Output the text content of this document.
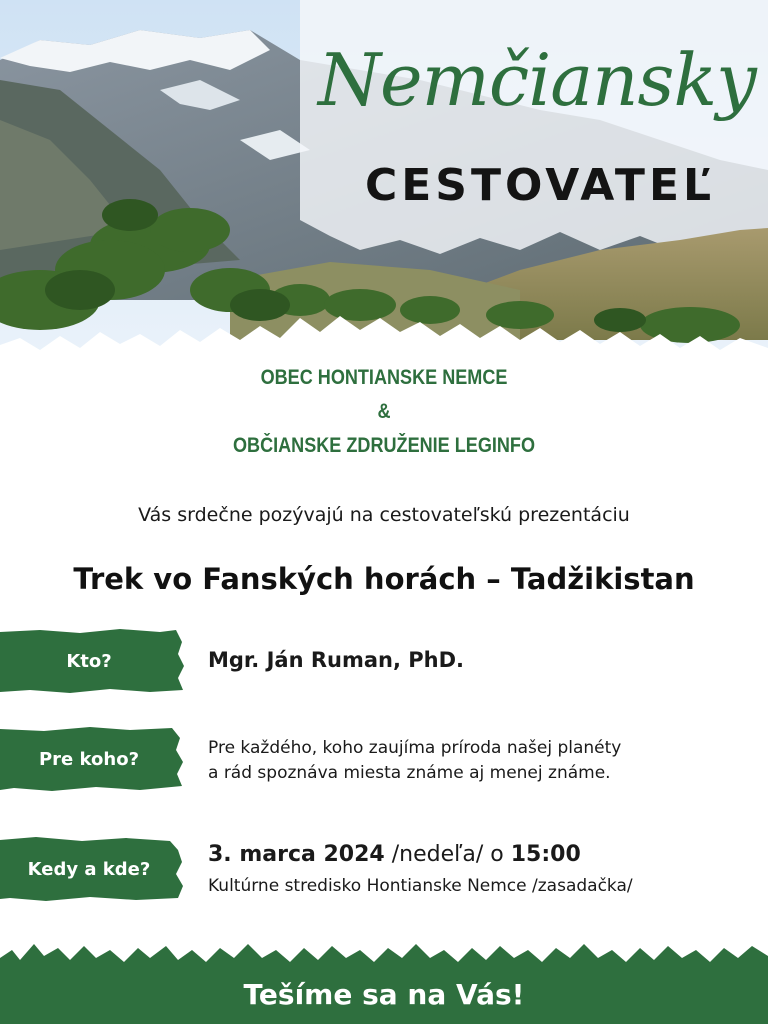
Nemčiansky
CESTOVATEĽ
OBEC HONTIANSKE NEMCE
&
OBČIANSKE ZDRUŽENIE LEGINFO
Vás srdečne pozývajú na cestovateľskú prezentáciu
Trek vo Fanských horách – Tadžikistan
Kto?	Mgr. Ján Ruman, PhD.
Pre koho?
Pre každého, koho zaujíma príroda našej planéty
a rád spoznáva miesta známe aj menej známe.
Kedy a kde?
3. marca 2024 /nedeľa/ o 15:00
Kultúrne stredisko Hontianske Nemce /zasadačka/
Tešíme sa na Vás!
